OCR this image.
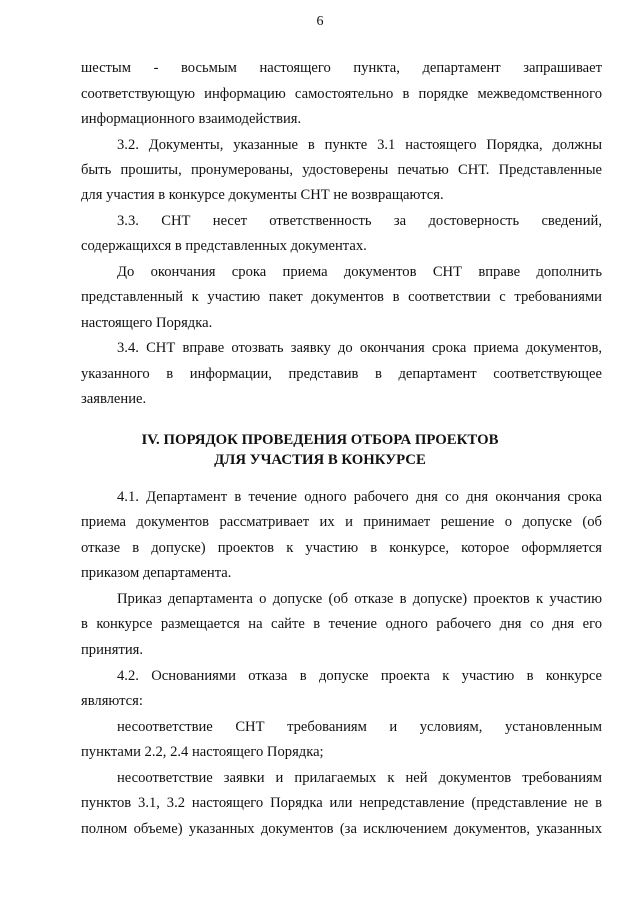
6
шестым - восьмым настоящего пункта, департамент запрашивает
соответствующую информацию самостоятельно в порядке межведомственного
информационного взаимодействия.
3.2. Документы, указанные в пункте 3.1 настоящего Порядка, должны
быть прошиты, пронумерованы, удостоверены печатью СНТ. Представленные
для участия в конкурсе документы СНТ не возвращаются.
3.3. СНТ несет ответственность за достоверность сведений,
содержащихся в представленных документах.
До окончания срока приема документов СНТ вправе дополнить
представленный к участию пакет документов в соответствии с требованиями
настоящего Порядка.
3.4. СНТ вправе отозвать заявку до окончания срока приема документов,
указанного в информации, представив в департамент соответствующее
заявление.
4.1. Департамент в течение одного рабочего дня со дня окончания срока
приема документов рассматривает их и принимает решение о допуске (об
отказе в допуске) проектов к участию в конкурсе, которое оформляется
приказом департамента.
Приказ департамента о допуске (об отказе в допуске) проектов к участию
в конкурсе размещается на сайте в течение одного рабочего дня со дня его
принятия.
4.2. Основаниями отказа в допуске проекта к участию в конкурсе
являются:
несоответствие СНТ требованиям и условиям, установленным
пунктами 2.2, 2.4 настоящего Порядка;
несоответствие заявки и прилагаемых к ней документов требованиям
пунктов 3.1, 3.2 настоящего Порядка или непредставление (представление не в
полном объеме) указанных документов (за исключением документов, указанных
IV. ПОРЯДОК ПРОВЕДЕНИЯ ОТБОРА ПРОЕКТОВ
ДЛЯ УЧАСТИЯ В КОНКУРСЕ
